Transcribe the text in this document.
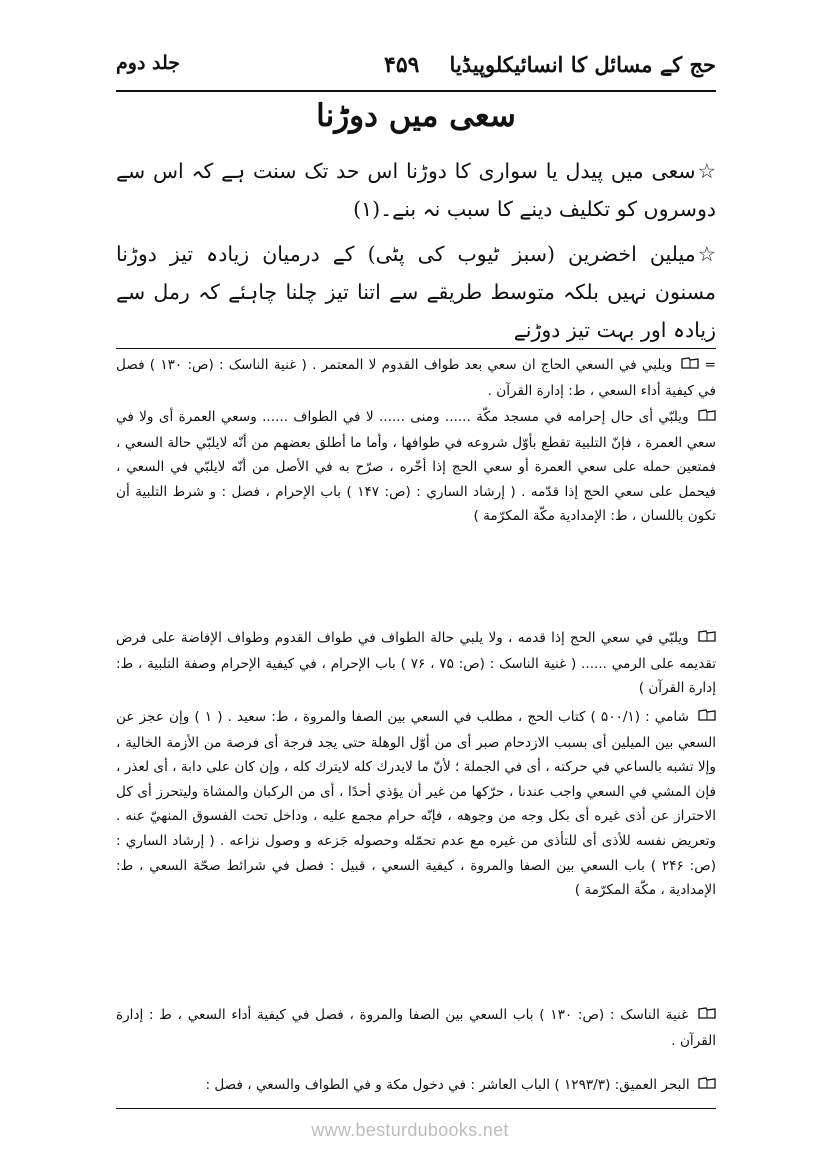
حج کے مسائل کا انسائیکلوپیڈیا
۴۵۹
جلد دوم
سعی میں دوڑنا
☆سعی میں پیدل یا سواری کا دوڑنا اس حد تک سنت ہے کہ اس سے دوسروں کو تکلیف دینے کا سبب نہ بنے۔(۱)
☆میلین اخضرین (سبز ٹیوب کی پٹی) کے درمیان زیادہ تیز دوڑنا مسنون نہیں بلکہ متوسط طریقے سے اتنا تیز چلنا چاہئے کہ رمل سے زیادہ اور بہت تیز دوڑنے
=  ويلبي في السعي الحاج ان سعي بعد طواف القدوم لا المعتمر . ( غنية الناسک : (ص: ۱۳۰ ) فصل في كيفية أداء السعي ، ط: إدارة القرآن .
ويلبّي أى حال إحرامه في مسجد مكّة ...... ومنى ...... لا في الطواف ...... وسعي العمرة أى ولا في سعي العمرة ، فإنّ التلبية تقطع بأوّل شروعه في طوافها ، وأما ما أطلق بعضهم من أنّه لايلبّي حالة السعي ، فمتعين حمله على سعي العمرة أو سعي الحج إذا أخّره ، صرّح به في الأصل من أنّه لايلبّي في السعي ، فيحمل على سعي الحج إذا قدّمه . ( إرشاد الساري : (ص: ۱۴۷ ) باب الإحرام ، فصل : و شرط التلبية أن تكون باللسان ، ط: الإمدادية مكّة المكرّمة )
ويلبّي في سعي الحج إذا قدمه ، ولا يلبي حالة الطواف في طواف القدوم وطواف الإفاضة على فرض تقديمه على الرمي ...... ( غنية الناسک : (ص: ۷۵ ، ۷۶ ) باب الإحرام ، في كيفية الإحرام وصفة التلبية ، ط: إدارة القرآن )
شامي : (۵۰۰/۱ ) كتاب الحج ، مطلب في السعي بين الصفا والمروة ، ط: سعيد . ( ۱ ) وإن عجز عن السعي بين الميلين أى بسبب الازدحام صبر أى من أوّل الوهلة حتى يجد فرجة أى فرصة من الأزمة الخالية ، وإلا تشبه بالساعي في حركته ، أى في الجملة ؛ لأنّ ما لايدرك كله لايترك كله ، وإن كان على دابة ، أى لعذر ، فإن المشي في السعي واجب عندنا ، حرّكها من غير أن يؤذي أحدًا ، أى من الركبان والمشاة وليتحرز أى كل الاحتراز عن أذى غيره أى بكل وجه من وجوهه ، فإنّه حرام مجمع عليه ، وداخل تحت الفسوق المنهيّ عنه . وتعريض نفسه للأذى أى للتأذى من غيره مع عدم تحمّله وحصوله جَزعه و وصول نزاعه . ( إرشاد الساري : (ص: ۲۴۶ ) باب السعي بين الصفا والمروة ، كيفية السعي ، قبيل : فصل في شرائط صحّة السعي ، ط: الإمدادية ، مكّة المكرّمة )
غنية الناسک : (ص: ۱۳۰ ) باب السعي بين الصفا والمروة ، فصل في كيفية أداء السعي ، ط : إدارة القرآن .
البحر العميق: (۱۲۹۳/۳ ) الباب العاشر : في دخول مكة و في الطواف والسعي ، فصل :
www.besturdubooks.net
